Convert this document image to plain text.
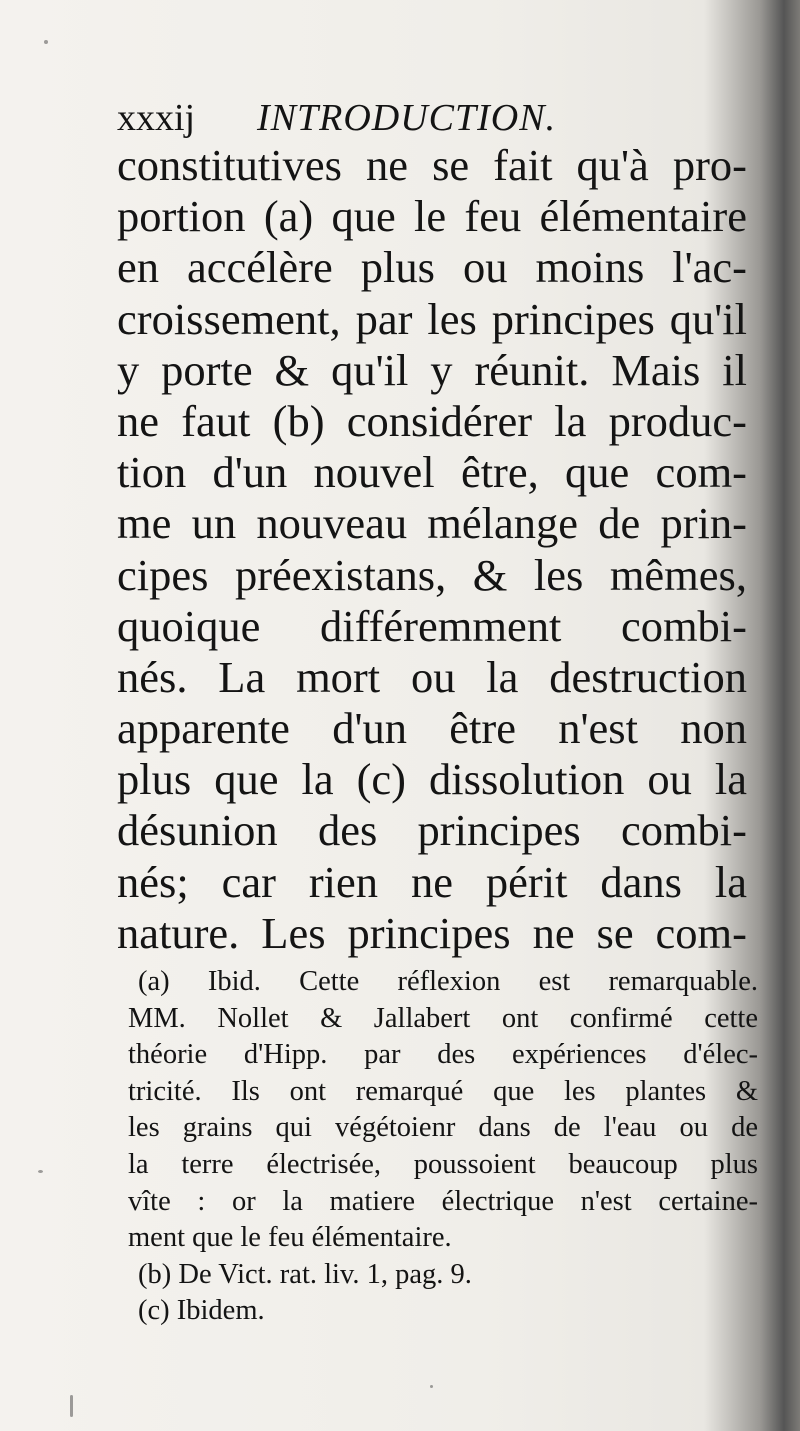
xxxij INTRODUCTION.
constitutives ne se fait qu'à pro-
portion (a) que le feu élémentaire
en accélère plus ou moins l'ac-
croissement, par les principes qu'il
y porte & qu'il y réunit. Mais il
ne faut (b) considérer la produc-
tion d'un nouvel être, que com-
me un nouveau mélange de prin-
cipes préexistans, & les mêmes,
quoique différemment combi-
nés. La mort ou la destruction
apparente d'un être n'est non
plus que la (c) dissolution ou la
désunion des principes combi-
nés; car rien ne périt dans la
nature. Les principes ne se com-
(a) Ibid. Cette réflexion est remarquable.
MM. Nollet & Jallabert ont confirmé cette
théorie d'Hipp. par des expériences d'élec-
tricité. Ils ont remarqué que les plantes &
les grains qui végétoienr dans de l'eau ou de
la terre électrisée, poussoient beaucoup plus
vîte : or la matiere électrique n'est certaine-
ment que le feu élémentaire.
(b) De Vict. rat. liv. 1, pag. 9.
(c) Ibidem.
